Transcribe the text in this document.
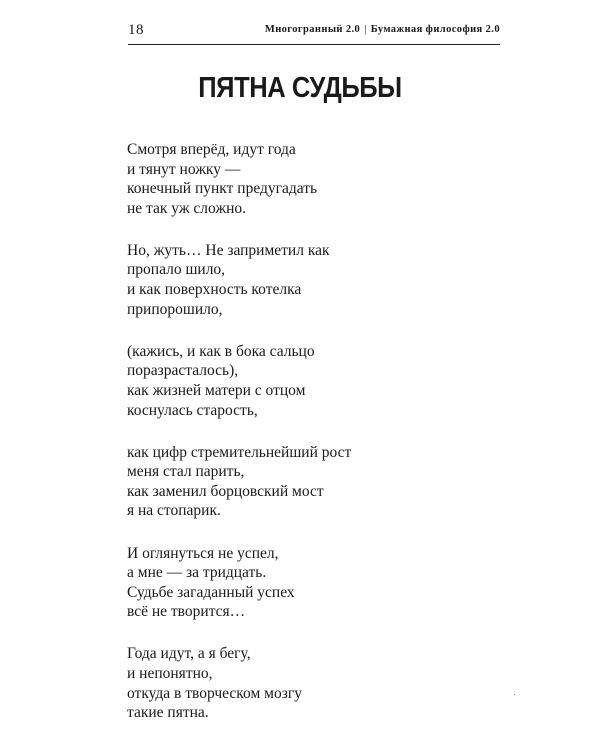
18	Многогранный 2.0 | Бумажная философия 2.0
ПЯТНА СУДЬБЫ
Смотря вперёд, идут года
и тянут ножку —
конечный пункт предугадать
не так уж сложно.
Но, жуть… Не заприметил как
пропало шило,
и как поверхность котелка
припорошило,
(кажись, и как в бока сальцо
поразрасталось),
как жизней матери с отцом
коснулась старость,
как цифр стремительнейший рост
меня стал парить,
как заменил борцовский мост
я на стопарик.
И оглянуться не успел,
а мне — за тридцать.
Судьбе загаданный успех
всё не творится…
Года идут, а я бегу,
и непонятно,
откуда в творческом мозгу
такие пятна.
